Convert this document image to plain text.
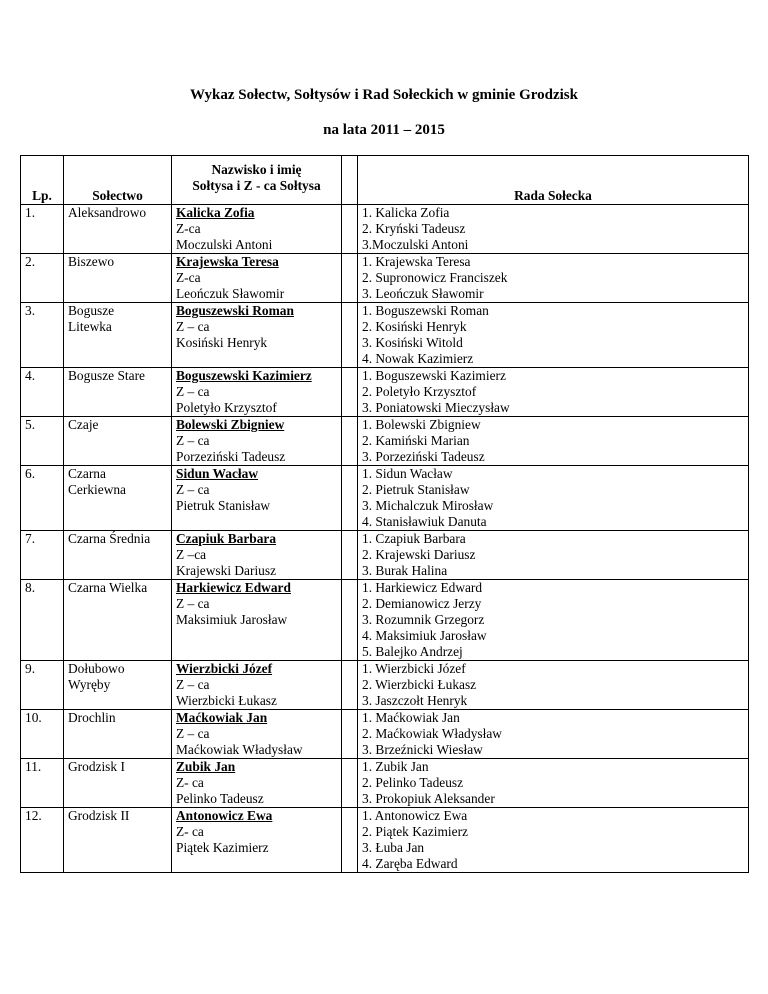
Wykaz Sołectw, Sołtysów i Rad Sołeckich w gminie Grodzisk
na lata 2011 – 2015
Lp.	Sołectwo	Nazwisko i imię
Sołtysa i Z - ca Sołtysa		Rada Sołecka
1.	Aleksandrowo	Kalicka Zofia
Z-ca
Moczulski Antoni		1. Kalicka Zofia
2. Kryński Tadeusz
3.Moczulski Antoni

2.	Biszewo	Krajewska Teresa
Z-ca
Leończuk Sławomir		1. Krajewska Teresa
2. Supronowicz Franciszek
3. Leończuk Sławomir

3.	Bogusze
Litewka	Boguszewski Roman
Z – ca
Kosiński Henryk		1. Boguszewski Roman
2. Kosiński Henryk
3. Kosiński Witold
4. Nowak Kazimierz

4.	Bogusze Stare	Boguszewski Kazimierz
Z – ca
Poletyło Krzysztof		1. Boguszewski Kazimierz
2. Poletyło Krzysztof
3. Poniatowski Mieczysław

5.	Czaje	Bolewski Zbigniew
Z – ca
Porzeziński Tadeusz		1. Bolewski Zbigniew
2. Kamiński Marian
3. Porzeziński Tadeusz

6.	Czarna
Cerkiewna	Sidun Wacław
Z – ca
Pietruk Stanisław		1. Sidun Wacław
2. Pietruk Stanisław
3. Michalczuk Mirosław
4. Stanisławiuk Danuta

7.	Czarna Średnia	Czapiuk Barbara
Z –ca
Krajewski Dariusz		1. Czapiuk Barbara
2. Krajewski Dariusz
3. Burak Halina

8.	Czarna Wielka	Harkiewicz Edward
Z – ca
Maksimiuk Jarosław		1. Harkiewicz Edward
2. Demianowicz Jerzy
3. Rozumnik Grzegorz
4. Maksimiuk Jarosław
5. Balejko Andrzej

9.	Dołubowo
Wyręby	Wierzbicki Józef
Z – ca
Wierzbicki Łukasz		1. Wierzbicki Józef
2. Wierzbicki Łukasz
3. Jaszczołt Henryk

10.	Drochlin	Maćkowiak Jan
Z – ca
Maćkowiak Władysław		1. Maćkowiak Jan
2. Maćkowiak Władysław
3. Brzeźnicki Wiesław

11.	Grodzisk I	Zubik Jan
Z- ca
Pelinko Tadeusz		1. Zubik Jan
2. Pelinko Tadeusz
3. Prokopiuk Aleksander

12.	Grodzisk II	Antonowicz Ewa
Z- ca
Piątek Kazimierz		1. Antonowicz Ewa
2. Piątek Kazimierz
3. Łuba Jan
4. Zaręba Edward
